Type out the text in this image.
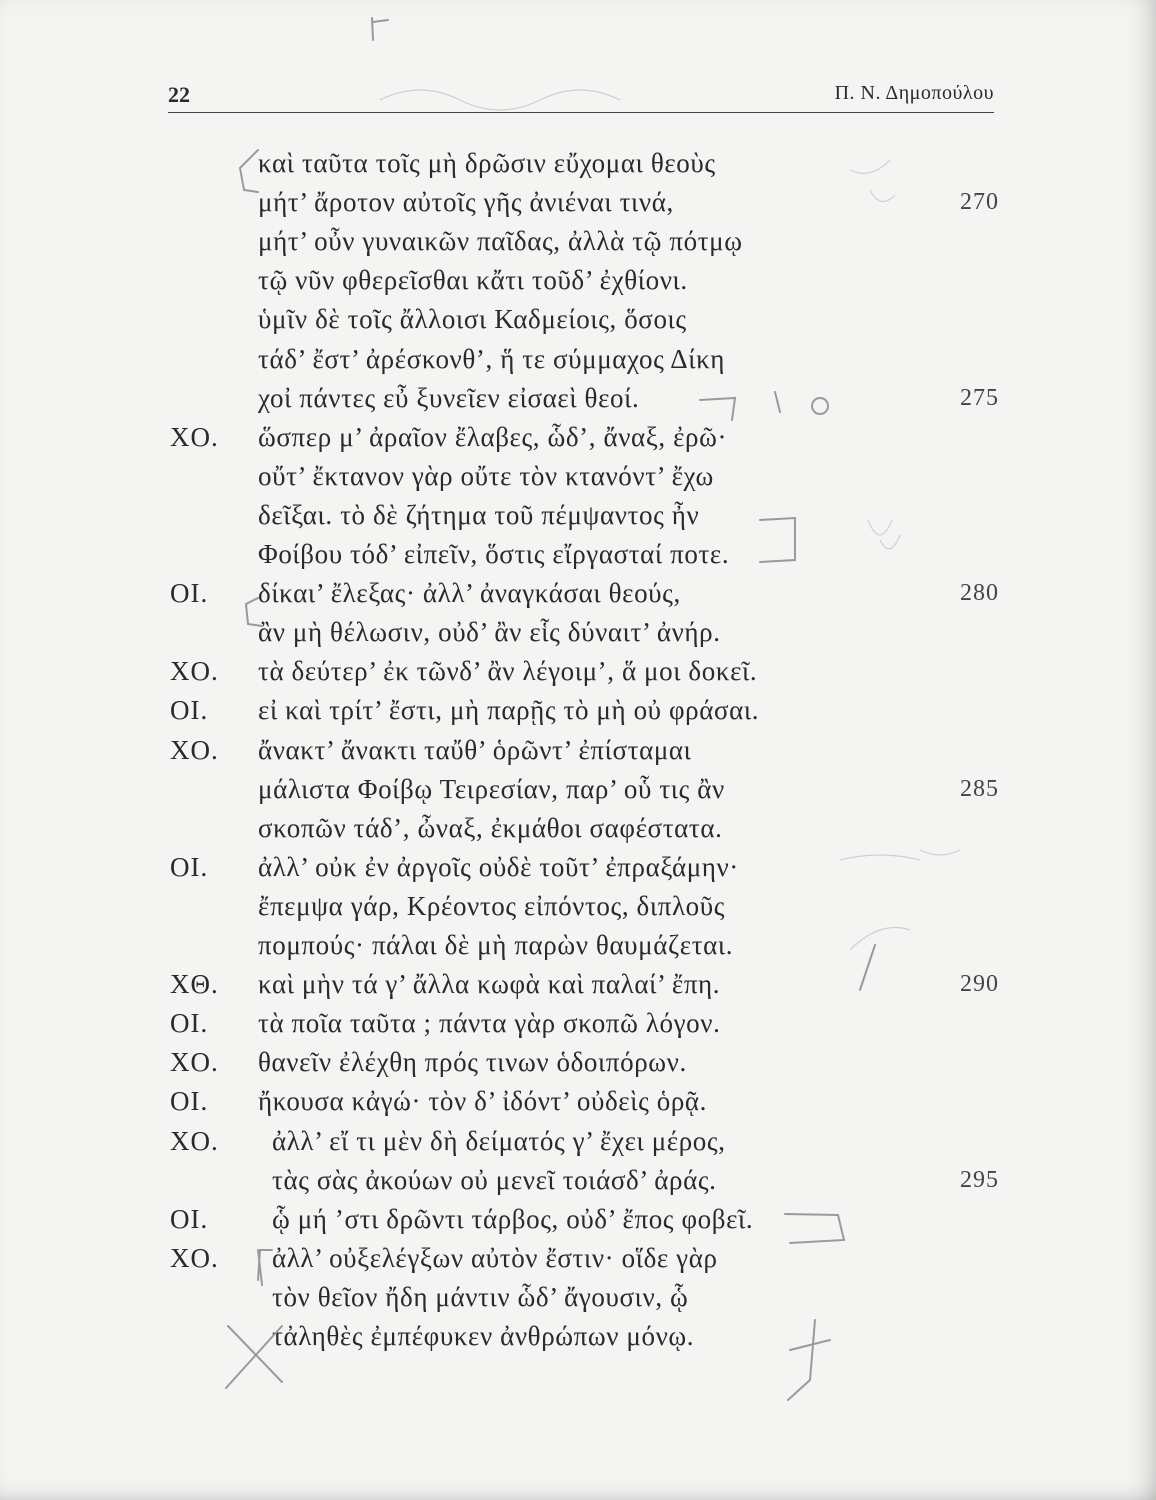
22	Π. Ν. Δημοπούλου
καὶ ταῦτα τοῖς μὴ δρῶσιν εὔχομαι θεοὺς
μήτ’ ἄροτον αὐτοῖς γῆς ἀνιέναι τινά,	270
μήτ’ οὖν γυναικῶν παῖδας, ἀλλὰ τῷ πότμῳ
τῷ νῦν φθερεῖσθαι κἄτι τοῦδ’ ἐχθίονι.
ὑμῖν δὲ τοῖς ἄλλοισι Καδμείοις, ὅσοις
τάδ’ ἔστ’ ἀρέσκονθ’, ἥ τε σύμμαχος Δίκη
χοἰ πάντες εὖ ξυνεῖεν εἰσαεὶ θεοί.	275
ΧΟ. ὥσπερ μ’ ἀραῖον ἔλαβες, ὧδ’, ἄναξ, ἐρῶ·
οὔτ’ ἔκτανον γὰρ οὔτε τὸν κτανόντ’ ἔχω
δεῖξαι. τὸ δὲ ζήτημα τοῦ πέμψαντος ἦν
Φοίβου τόδ’ εἰπεῖν, ὅστις εἴργασταί ποτε.
ΟΙ. δίκαι’ ἔλεξας· ἀλλ’ ἀναγκάσαι θεούς,	280
ἂν μὴ θέλωσιν, οὐδ’ ἂν εἷς δύναιτ’ ἀνήρ.
ΧΟ. τὰ δεύτερ’ ἐκ τῶνδ’ ἂν λέγοιμ’, ἅ μοι δοκεῖ.
ΟΙ. εἰ καὶ τρίτ’ ἔστι, μὴ παρῇς τὸ μὴ οὐ φράσαι.
ΧΟ. ἄνακτ’ ἄνακτι ταὔθ’ ὁρῶντ’ ἐπίσταμαι
μάλιστα Φοίβῳ Τειρεσίαν, παρ’ οὗ τις ἂν	285
σκοπῶν τάδ’, ὦναξ, ἐκμάθοι σαφέστατα.
ΟΙ. ἀλλ’ οὐκ ἐν ἀργοῖς οὐδὲ τοῦτ’ ἐπραξάμην·
ἔπεμψα γάρ, Κρέοντος εἰπόντος, διπλοῦς
πομπούς· πάλαι δὲ μὴ παρὼν θαυμάζεται.
ΧΘ. καὶ μὴν τά γ’ ἄλλα κωφὰ καὶ παλαί’ ἔπη.	290
ΟΙ. τὰ ποῖα ταῦτα ; πάντα γὰρ σκοπῶ λόγον.
ΧΟ. θανεῖν ἐλέχθη πρός τινων ὁδοιπόρων.
ΟΙ. ἤκουσα κἀγώ· τὸν δ’ ἰδόντ’ οὐδεὶς ὁρᾷ.
ΧΟ. ἀλλ’ εἴ τι μὲν δὴ δείματός γ’ ἔχει μέρος,
τὰς σὰς ἀκούων οὐ μενεῖ τοιάσδ’ ἀράς.	295
ΟΙ. ᾧ μή ’στι δρῶντι τάρβος, οὐδ’ ἔπος φοβεῖ.
ΧΟ. ἀλλ’ οὐξελέγξων αὐτὸν ἔστιν· οἵδε γὰρ
τὸν θεῖον ἤδη μάντιν ὧδ’ ἄγουσιν, ᾧ
τἀληθὲς ἐμπέφυκεν ἀνθρώπων μόνῳ.
